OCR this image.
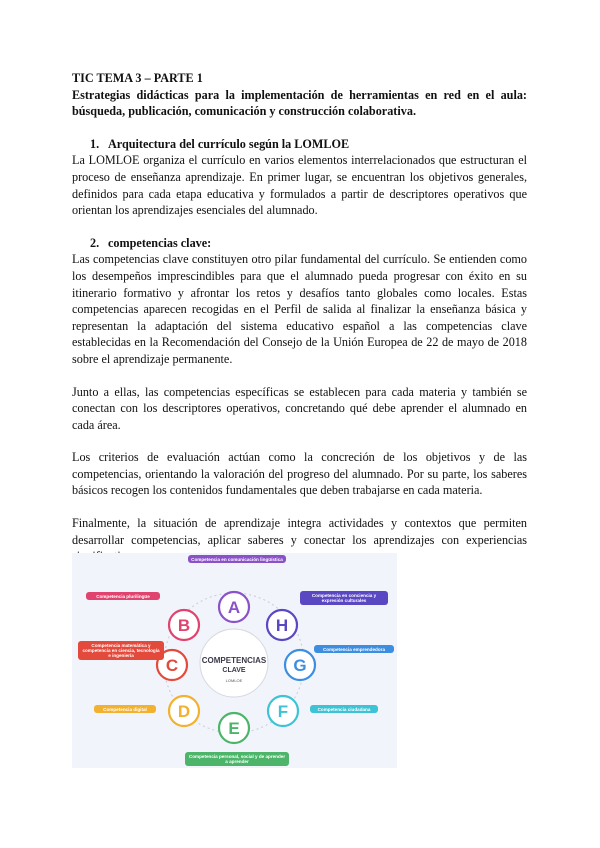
TIC TEMA 3 – PARTE 1

Estrategias didácticas para la implementación de herramientas en red en el aula: búsqueda, publicación, comunicación y construcción colaborativa.

1. Arquitectura del currículo según la LOMLOE

La LOMLOE organiza el currículo en varios elementos interrelacionados que estructuran el proceso de enseñanza aprendizaje. En primer lugar, se encuentran los objetivos generales, definidos para cada etapa educativa y formulados a partir de descriptores operativos que orientan los aprendizajes esenciales del alumnado.

2. competencias clave:

Las competencias clave constituyen otro pilar fundamental del currículo. Se entienden como los desempeños imprescindibles para que el alumnado pueda progresar con éxito en su itinerario formativo y afrontar los retos y desafíos tanto globales como locales. Estas competencias aparecen recogidas en el Perfil de salida al finalizar la enseñanza básica y representan la adaptación del sistema educativo español a las competencias clave establecidas en la Recomendación del Consejo de la Unión Europea de 22 de mayo de 2018 sobre el aprendizaje permanente.

Junto a ellas, las competencias específicas se establecen para cada materia y también se conectan con los descriptores operativos, concretando qué debe aprender el alumnado en cada área.

Los criterios de evaluación actúan como la concreción de los objetivos y de las competencias, orientando la valoración del progreso del alumnado. Por su parte, los saberes básicos recogen los contenidos fundamentales que deben trabajarse en cada materia.

Finalmente, la situación de aprendizaje integra actividades y contextos que permiten desarrollar competencias, aplicar saberes y conectar los aprendizajes con experiencias

COMPETENCIAS
CLAVE
LOMLOE
A
B
C
D
E
F
G
H
Competencia en comunicación lingüística
Competencia plurilingüe
Competencia matemática y competencia en ciencia, tecnología e ingeniería
Competencia digital
Competencia personal, social y de aprender a aprender
Competencia ciudadana
Competencia emprendedora
Competencia en conciencia y expresión culturales
